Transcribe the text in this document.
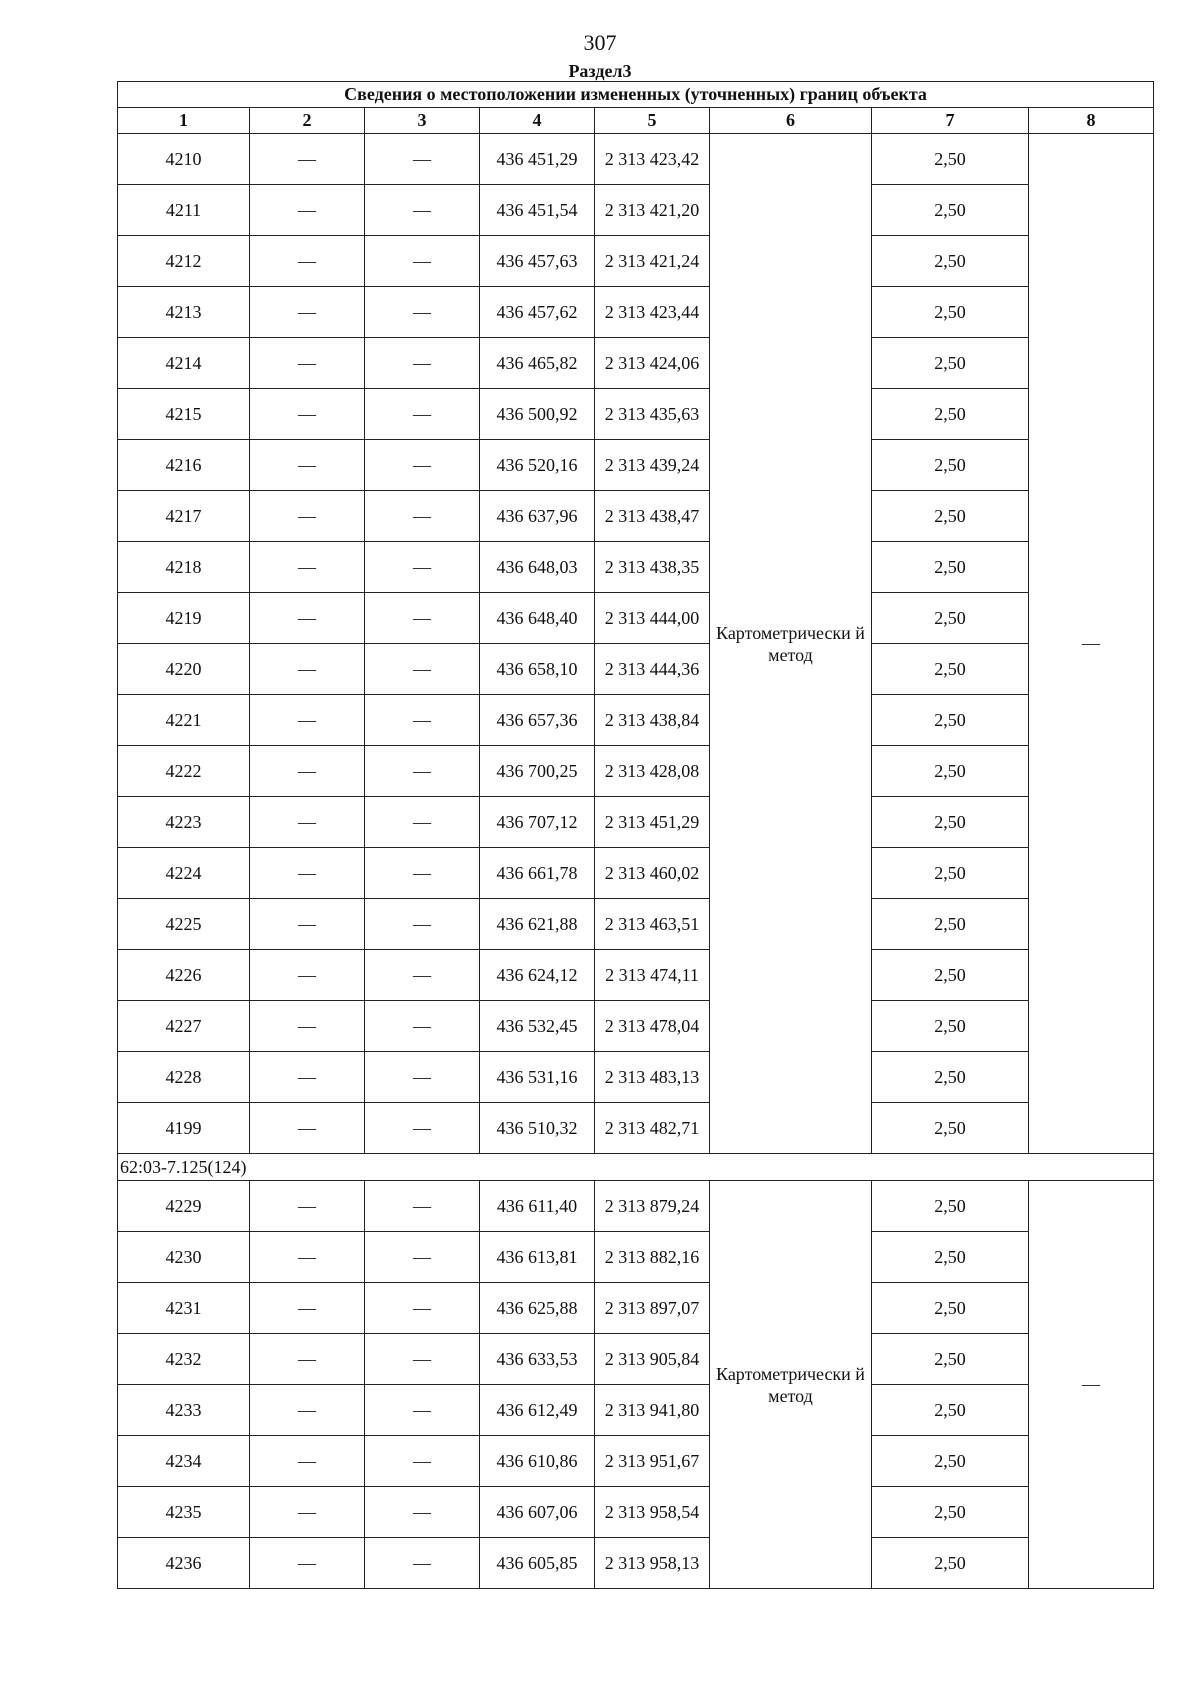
307
Раздел3
Сведения о местоположении измененных (уточненных) границ объекта							
1	2	3	4	5	6	7	8
4210	—	—	436 451,29	2 313 423,42	Картометрически й метод	2,50	—
4211	—	—	436 451,54	2 313 421,20		2,50	
4212	—	—	436 457,63	2 313 421,24		2,50	
4213	—	—	436 457,62	2 313 423,44		2,50	
4214	—	—	436 465,82	2 313 424,06		2,50	
4215	—	—	436 500,92	2 313 435,63		2,50	
4216	—	—	436 520,16	2 313 439,24		2,50	
4217	—	—	436 637,96	2 313 438,47		2,50	
4218	—	—	436 648,03	2 313 438,35		2,50	
4219	—	—	436 648,40	2 313 444,00		2,50	
4220	—	—	436 658,10	2 313 444,36		2,50	
4221	—	—	436 657,36	2 313 438,84		2,50	
4222	—	—	436 700,25	2 313 428,08		2,50	
4223	—	—	436 707,12	2 313 451,29		2,50	
4224	—	—	436 661,78	2 313 460,02		2,50	
4225	—	—	436 621,88	2 313 463,51		2,50	
4226	—	—	436 624,12	2 313 474,11		2,50	
4227	—	—	436 532,45	2 313 478,04		2,50	
4228	—	—	436 531,16	2 313 483,13		2,50	
4199	—	—	436 510,32	2 313 482,71		2,50	
62:03-7.125(124)							
4229	—	—	436 611,40	2 313 879,24	Картометрически й метод	2,50	—
4230	—	—	436 613,81	2 313 882,16		2,50	
4231	—	—	436 625,88	2 313 897,07		2,50	
4232	—	—	436 633,53	2 313 905,84		2,50	
4233	—	—	436 612,49	2 313 941,80		2,50	
4234	—	—	436 610,86	2 313 951,67		2,50	
4235	—	—	436 607,06	2 313 958,54		2,50	
4236	—	—	436 605,85	2 313 958,13		2,50	
